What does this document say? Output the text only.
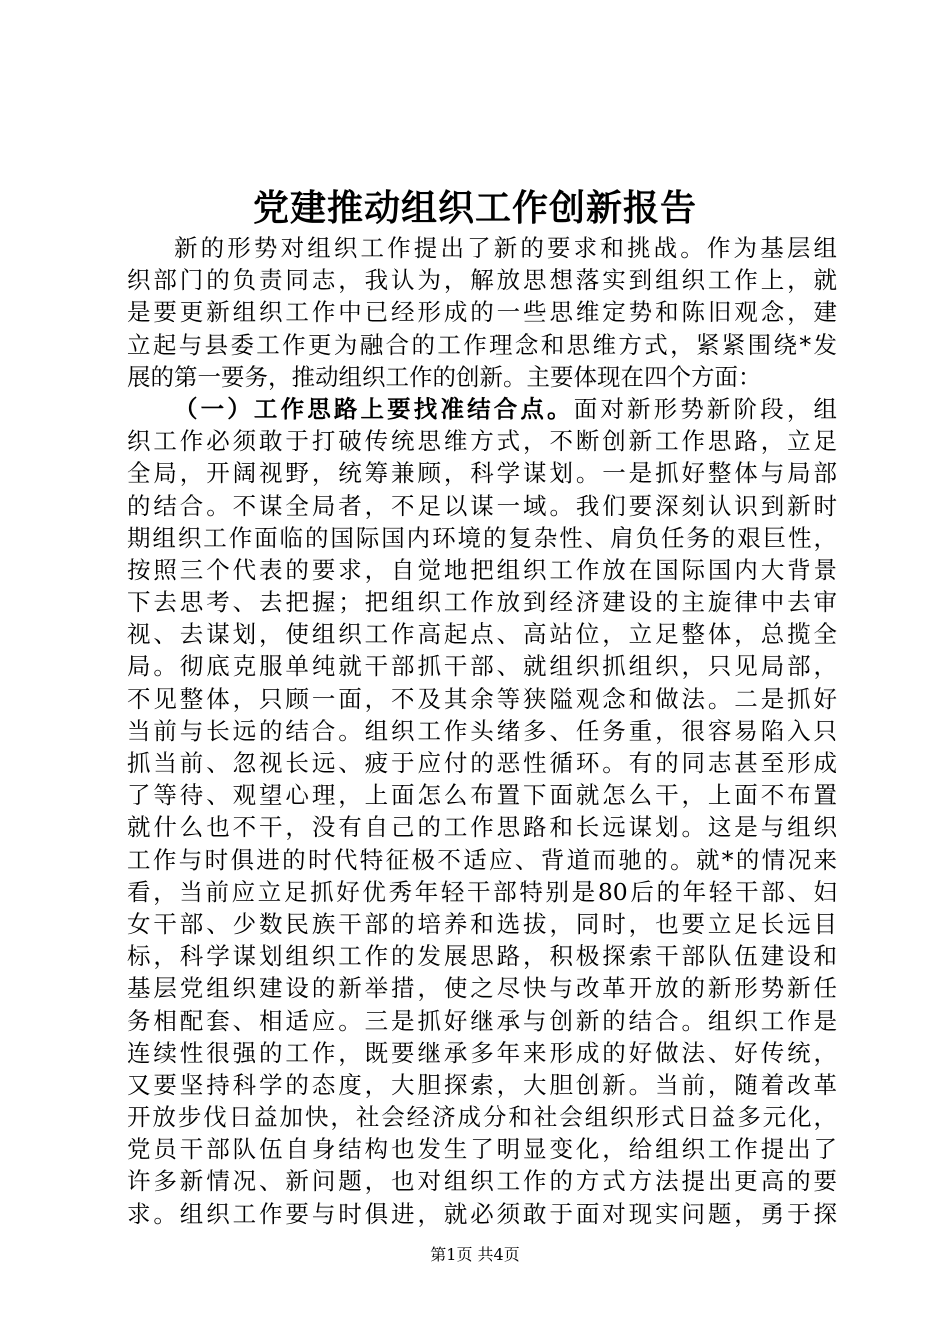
党建推动组织工作创新报告
新的形势对组织工作提出了新的要求和挑战。作为基层组
织部门的负责同志，我认为，解放思想落实到组织工作上，就
是要更新组织工作中已经形成的一些思维定势和陈旧观念，建
立起与县委工作更为融合的工作理念和思维方式，紧紧围绕*发
展的第一要务，推动组织工作的创新。主要体现在四个方面：
（一）工作思路上要找准结合点。面对新形势新阶段，组
织工作必须敢于打破传统思维方式，不断创新工作思路，立足
全局，开阔视野，统筹兼顾，科学谋划。一是抓好整体与局部
的结合。不谋全局者，不足以谋一域。我们要深刻认识到新时
期组织工作面临的国际国内环境的复杂性、肩负任务的艰巨性，
按照三个代表的要求，自觉地把组织工作放在国际国内大背景
下去思考、去把握；把组织工作放到经济建设的主旋律中去审
视、去谋划，使组织工作高起点、高站位，立足整体，总揽全
局。彻底克服单纯就干部抓干部、就组织抓组织，只见局部，
不见整体，只顾一面，不及其余等狭隘观念和做法。二是抓好
当前与长远的结合。组织工作头绪多、任务重，很容易陷入只
抓当前、忽视长远、疲于应付的恶性循环。有的同志甚至形成
了等待、观望心理，上面怎么布置下面就怎么干，上面不布置
就什么也不干，没有自己的工作思路和长远谋划。这是与组织
工作与时俱进的时代特征极不适应、背道而驰的。就*的情况来
看，当前应立足抓好优秀年轻干部特别是80后的年轻干部、妇
女干部、少数民族干部的培养和选拔，同时，也要立足长远目
标，科学谋划组织工作的发展思路，积极探索干部队伍建设和
基层党组织建设的新举措，使之尽快与改革开放的新形势新任
务相配套、相适应。三是抓好继承与创新的结合。组织工作是
连续性很强的工作，既要继承多年来形成的好做法、好传统，
又要坚持科学的态度，大胆探索，大胆创新。当前，随着改革
开放步伐日益加快，社会经济成分和社会组织形式日益多元化，
党员干部队伍自身结构也发生了明显变化，给组织工作提出了
许多新情况、新问题，也对组织工作的方式方法提出更高的要
求。组织工作要与时俱进，就必须敢于面对现实问题，勇于探
第1页 共4页
